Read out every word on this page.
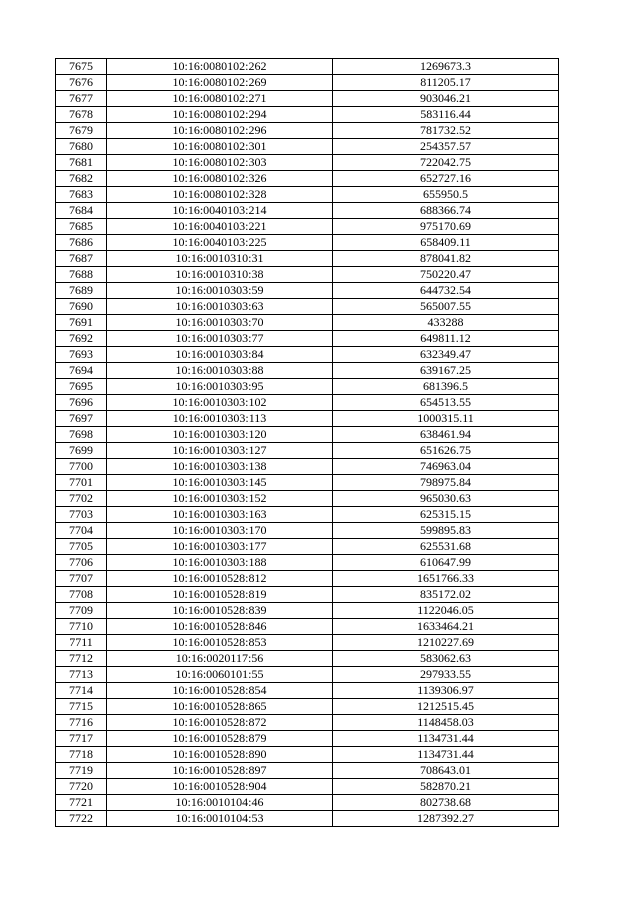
7675	10:16:0080102:262	1269673.3
7676	10:16:0080102:269	811205.17
7677	10:16:0080102:271	903046.21
7678	10:16:0080102:294	583116.44
7679	10:16:0080102:296	781732.52
7680	10:16:0080102:301	254357.57
7681	10:16:0080102:303	722042.75
7682	10:16:0080102:326	652727.16
7683	10:16:0080102:328	655950.5
7684	10:16:0040103:214	688366.74
7685	10:16:0040103:221	975170.69
7686	10:16:0040103:225	658409.11
7687	10:16:0010310:31	878041.82
7688	10:16:0010310:38	750220.47
7689	10:16:0010303:59	644732.54
7690	10:16:0010303:63	565007.55
7691	10:16:0010303:70	433288
7692	10:16:0010303:77	649811.12
7693	10:16:0010303:84	632349.47
7694	10:16:0010303:88	639167.25
7695	10:16:0010303:95	681396.5
7696	10:16:0010303:102	654513.55
7697	10:16:0010303:113	1000315.11
7698	10:16:0010303:120	638461.94
7699	10:16:0010303:127	651626.75
7700	10:16:0010303:138	746963.04
7701	10:16:0010303:145	798975.84
7702	10:16:0010303:152	965030.63
7703	10:16:0010303:163	625315.15
7704	10:16:0010303:170	599895.83
7705	10:16:0010303:177	625531.68
7706	10:16:0010303:188	610647.99
7707	10:16:0010528:812	1651766.33
7708	10:16:0010528:819	835172.02
7709	10:16:0010528:839	1122046.05
7710	10:16:0010528:846	1633464.21
7711	10:16:0010528:853	1210227.69
7712	10:16:0020117:56	583062.63
7713	10:16:0060101:55	297933.55
7714	10:16:0010528:854	1139306.97
7715	10:16:0010528:865	1212515.45
7716	10:16:0010528:872	1148458.03
7717	10:16:0010528:879	1134731.44
7718	10:16:0010528:890	1134731.44
7719	10:16:0010528:897	708643.01
7720	10:16:0010528:904	582870.21
7721	10:16:0010104:46	802738.68
7722	10:16:0010104:53	1287392.27
